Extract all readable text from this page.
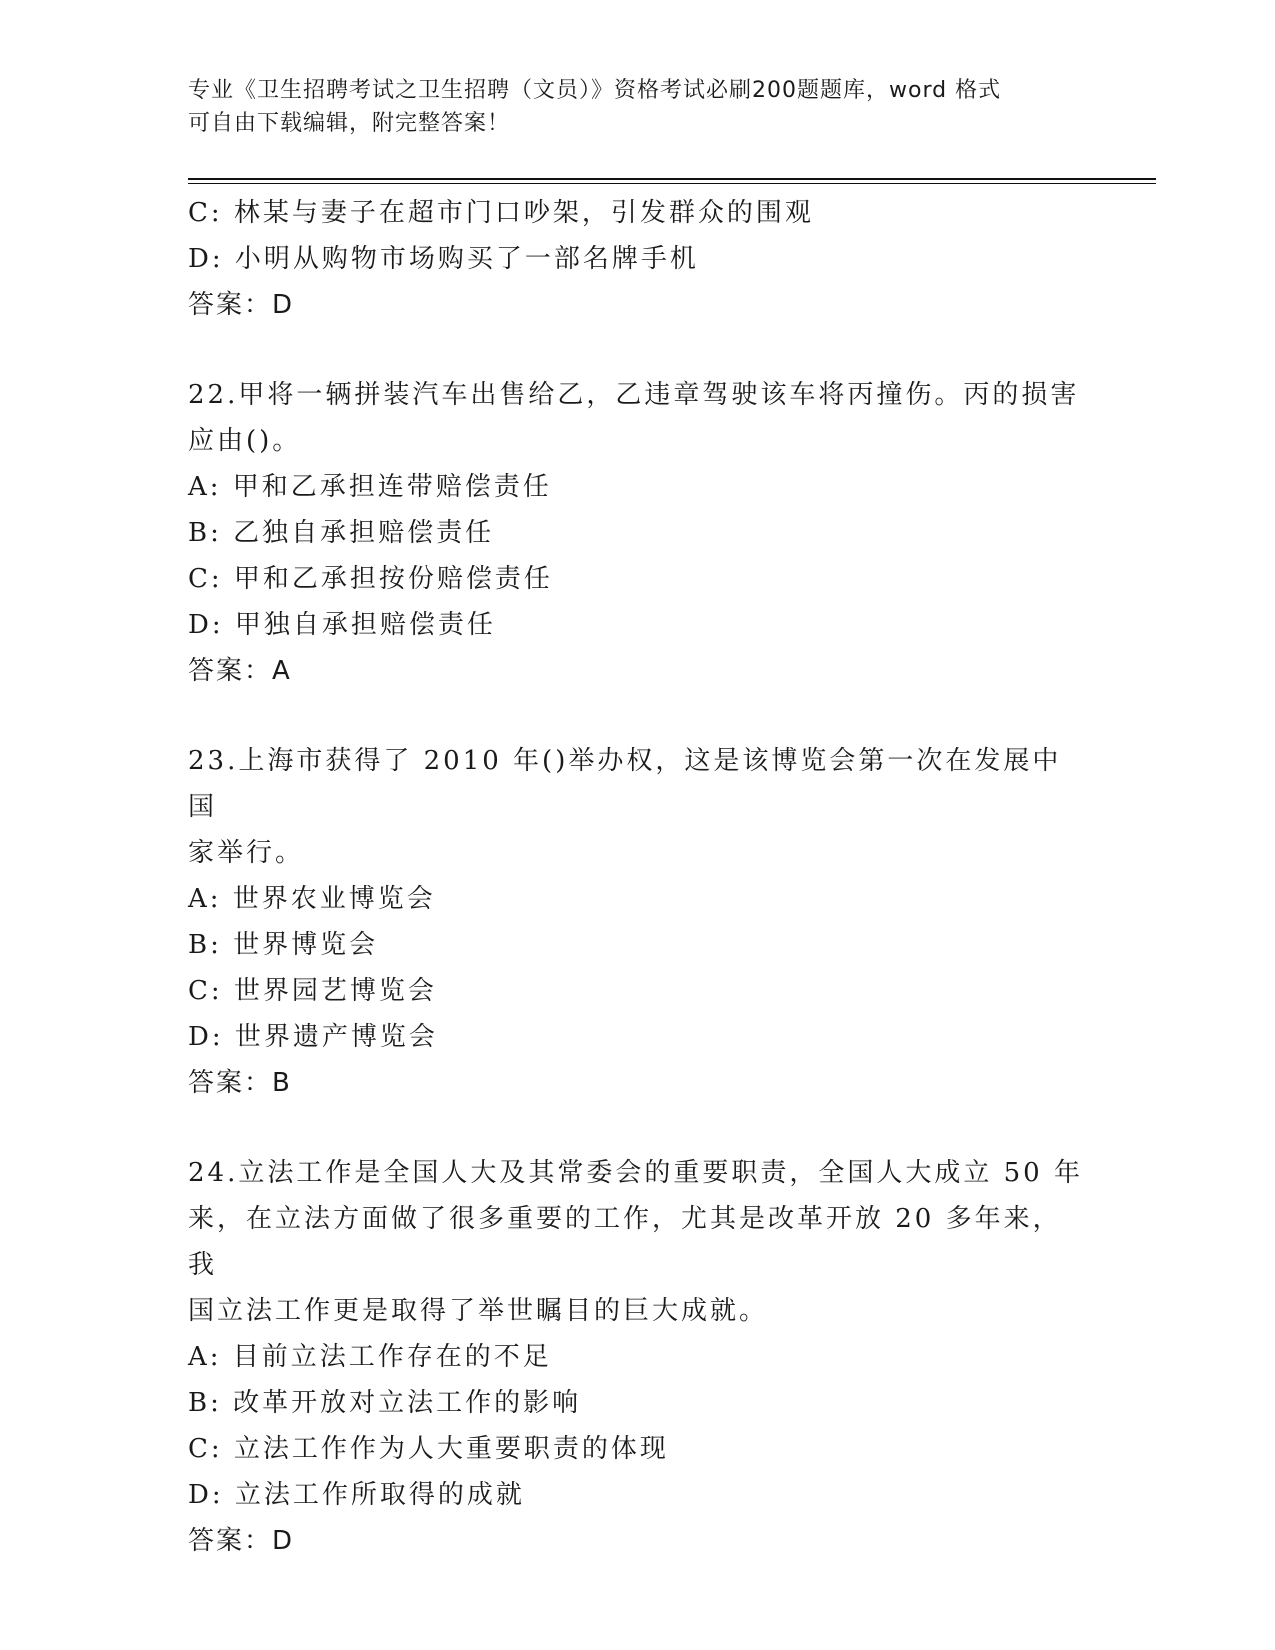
专业《卫生招聘考试之卫生招聘（文员）》资格考试必刷200题题库，word 格式
可自由下载编辑，附完整答案！
C: 林某与妻子在超市门口吵架，引发群众的围观
D: 小明从购物市场购买了一部名牌手机
答案：D
22.甲将一辆拼装汽车出售给乙，乙违章驾驶该车将丙撞伤。丙的损害
应由()。
A: 甲和乙承担连带赔偿责任
B: 乙独自承担赔偿责任
C: 甲和乙承担按份赔偿责任
D: 甲独自承担赔偿责任
答案：A
23.上海市获得了 2010 年()举办权，这是该博览会第一次在发展中国
家举行。
A: 世界农业博览会
B: 世界博览会
C: 世界园艺博览会
D: 世界遗产博览会
答案：B
24.立法工作是全国人大及其常委会的重要职责，全国人大成立 50 年
来，在立法方面做了很多重要的工作，尤其是改革开放 20 多年来，我
国立法工作更是取得了举世瞩目的巨大成就。
A: 目前立法工作存在的不足
B: 改革开放对立法工作的影响
C: 立法工作作为人大重要职责的体现
D: 立法工作所取得的成就
答案：D
